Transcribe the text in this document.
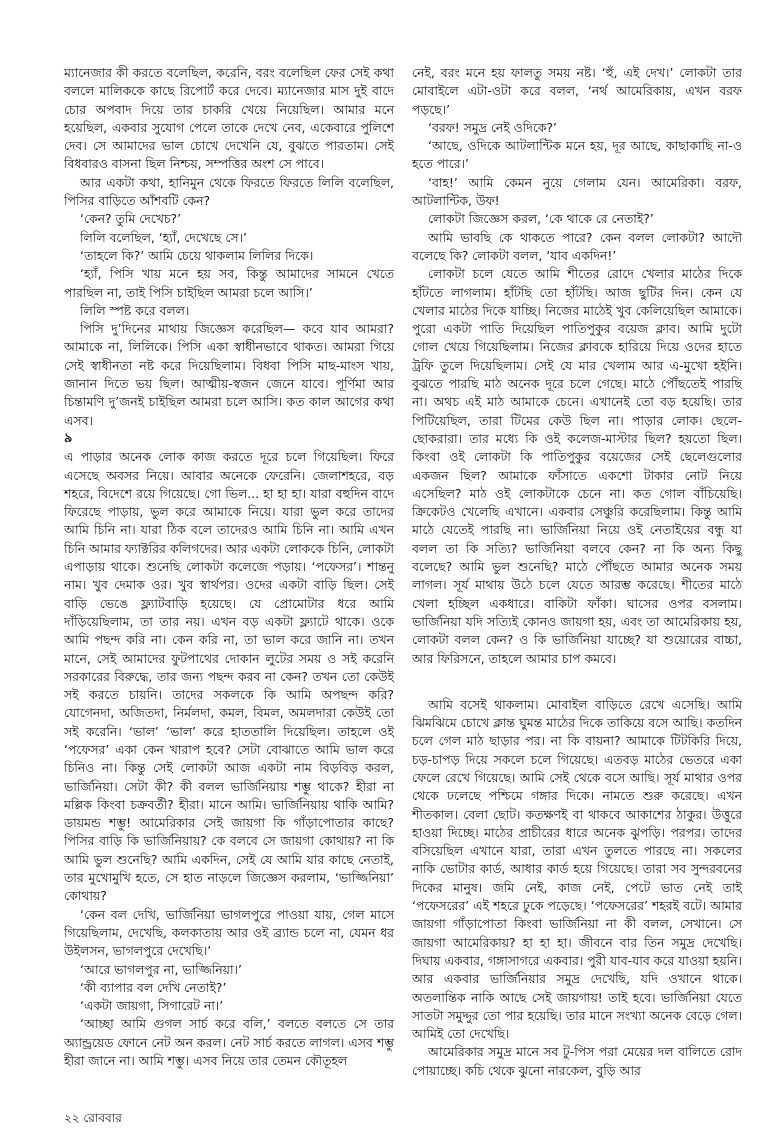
ম্যানেজার কী করতে বলেছিল, করেনি, বরং বলেছিল ফের সেই কথা বললে মালিককে কাছে রিপোর্ট করে দেবে। ম্যানেজার মাস দুই বাদে চোর অপবাদ দিয়ে তার চাকরি খেয়ে নিয়েছিল। আমার মনে হয়েছিল, একবার সুযোগ পেলে তাকে দেখে নেব, একেবারে পুলিশে দেব। সে আমাদের ভাল চোখে দেখেনি যে, বুঝতে পারতাম। সেই বিধবারও বাসনা ছিল নিশ্চয়, সম্পত্তির অংশ সে পাবে।

আর একটা কথা, হানিমুন থেকে ফিরতে ফিরতে লিলি বলেছিল, পিসির বাড়িতে আঁশবটি কেন?

‘কেন? তুমি দেখেচ?’

লিলি বলেছিল, ‘হ্যাঁ, দেখেছে সে।’

‘তাহলে কি?’ আমি চেয়ে থাকলাম লিলির দিকে।

‘হ্যাঁ, পিসি খায় মনে হয় সব, কিন্তু আমাদের সামনে খেতে পারছিল না, তাই পিসি চাইছিল আমরা চলে আসি।’

লিলি স্পষ্ট করে বলল।

পিসি দু’দিনের মাথায় জিজ্ঞেস করেছিল— কবে যাব আমরা? আমাকে না, লিলিকে। পিসি একা স্বাধীনভাবে থাকত। আমরা গিয়ে সেই স্বাধীনতা নষ্ট করে দিয়েছিলাম। বিধবা পিসি মাছ-মাংস খায়, জানান দিতে ভয় ছিল। আত্মীয়-স্বজন জেনে যাবে। পূর্ণিমা আর চিন্তামণি দু’জনই চাইছিল আমরা চলে আসি। কত কাল আগের কথা এসব।

৯

এ পাড়ার অনেক লোক কাজ করতে দূরে চলে গিয়েছিল। ফিরে এসেছে অবসর নিয়ে। আবার অনেকে ফেরেনি। জেলাশহরে, বড় শহরে, বিদেশে রয়ে গিয়েছে। গো ভিল... হা হা হা। যারা বহুদিন বাদে ফিরেছে পাড়ায়, ভুল করে আমাকে নিয়ে। যারা ভুল করে তাদের আমি চিনি না। যারা ঠিক বলে তাদেরও আমি চিনি না। আমি এখন চিনি আমার ফ্যাক্টরির কলিগদের। আর একটা লোককে চিনি, লোকটা এপাড়ায় থাকে। শুনেছি লোকটা কলেজে পড়ায়। ‘পফেসর’। শান্তনু নাম। খুব দেমাক ওর। খুব স্বার্থপর। ওদের একটা বাড়ি ছিল। সেই বাড়ি ভেঙে ফ্ল্যাটবাড়ি হয়েছে। যে প্রোমোটার ধরে আমি দাঁড়িয়েছিলাম, তা তার নয়। এখন বড় একটা ফ্ল্যাটে থাকে। ওকে আমি পছন্দ করি না। কেন করি না, তা ভাল করে জানি না। তখন মানে, সেই আমাদের ফুটপাথের দোকান লুটের সময় ও সই করেনি সরকারের বিরুদ্ধে, তার জন্য পছন্দ করব না কেন? তখন তো কেউই সই করতে চায়নি। তাদের সকলকে কি আমি অপছন্দ করি? যোগেনদা, অজিতদা, নির্মলদা, কমল, বিমল, অমলদারা কেউই তো সই করেনি। ‘ভাল’ ‘ভাল’ করে হাততালি দিয়েছিল। তাহলে ওই ‘পফেসর’ একা কেন খারাপ হবে? সেটা বোঝাতে আমি ভাল করে চিনিও না। কিন্তু সেই লোকটা আজ একটা নাম বিড়বিড় করল, ভার্জিনিয়া। সেটা কী? কী বলল ভার্জিনিয়ায় শম্ভু থাকে? হীরা না মল্লিক কিংবা চক্রবর্তী? হীরা। মানে আমি। ভার্জিনিয়ায় থাকি আমি? ডায়মন্ড শম্ভু! আমেরিকার সেই জায়গা কি গাঁড়াপোতার কাছে? পিসির বাড়ি কি ভার্জিনিয়ায়? কে বলবে সে জায়গা কোথায়? না কি আমি ভুল শুনেছি? আমি একদিন, সেই যে আমি যার কাছে নেতাই, তার মুখোমুখি হতে, সে হাত নাড়লে জিজ্ঞেস করলাম, ‘ভাজ্জিনিয়া’ কোথায়?

‘কেন বল দেখি, ভার্জিনিয়া ভাগলপুরে পাওয়া যায়, গেল মাসে গিয়েছিলাম, দেখেছি, কলকাতায় আর ওই ব্র্যান্ড চলে না, যেমন ধর উইলসন, ভাগলপুরে দেখেছি।’

‘আরে ভাগলপুর না, ভাজ্জিনিয়া।’

‘কী ব্যাপার বল দেখি নেতাই?’

‘একটা জায়গা, সিগারেট না।’

‘আচ্ছা আমি গুগল সার্চ করে বলি,’ বলতে বলতে সে তার অ্যান্ড্রয়েড ফোনে নেট অন করল। নেট সার্চ করতে লাগল। এসব শম্ভু হীরা জানে না। আমি শম্ভু। এসব নিয়ে তার তেমন কৌতূহল

নেই, বরং মনে হয় ফালতু সময় নষ্ট। ‘হুঁ, এই দেখ।’ লোকটা তার মোবাইলে এটা-ওটা করে বলল, ‘নর্থ আমেরিকায়, এখন বরফ পড়ছে।’

‘বরফ! সমুদ্র নেই ওদিকে?’

‘আছে, ওদিকে আটলান্টিক মনে হয়, দূর আছে, কাছাকাছি না-ও হতে পারে।’

‘বাহ!’ আমি কেমন নুয়ে গেলাম যেন। আমেরিকা। বরফ, আটলান্টিক, উফ!

লোকটা জিজ্ঞেস করল, ‘কে থাকে রে নেতাই?’

আমি ভাবছি কে থাকতে পারে? কেন বলল লোকটা? আদৌ বলেছে কি? লোকটা বলল, ‘যাব একদিন!’

লোকটা চলে যেতে আমি শীতের রোদে খেলার মাঠের দিকে হাঁটতে লাগলাম। হাঁটছি তো হাঁটছি। আজ ছুটির দিন। কেন যে খেলার মাঠের দিকে যাচ্ছি। নিজের মাঠেই খুব কেলিয়েছিল আমাকে। পুরো একটা পাতি দিয়েছিল পাতিপুকুর বয়েজ ক্লাব। আমি দুটো গোল খেয়ে গিয়েছিলাম। নিজের ক্লাবকে হারিয়ে দিয়ে ওদের হাতে ট্রফি তুলে দিয়েছিলাম। সেই যে মার খেলাম আর এ-মুখো হইনি। বুঝতে পারছি মাঠ অনেক দূরে চলে গেছে। মাঠে পৌঁছতেই পারছি না। অথচ এই মাঠ আমাকে চেনে। এখানেই তো বড় হয়েছি। তার পিটিয়েছিল, তারা টিমের কেউ ছিল না। পাড়ার লোক। ছেলে-ছোকরারা। তার মধ্যে কি ওই কলেজ-মাস্টার ছিল? হয়তো ছিল। কিংবা ওই লোকটা কি পাতিপুকুর বয়েজের সেই ছেলেগুলোর একজন ছিল? আমাকে ফাঁসাতে একশো টাকার নোট নিয়ে এসেছিল? মাঠ ওই লোকটাকে চেনে না। কত গোল বাঁচিয়েছি। ক্রিকেটও খেলেছি এখানে। একবার সেঞ্চুরি করেছিলাম। কিন্তু আমি মাঠে যেতেই পারছি না। ভার্জিনিয়া নিয়ে ওই নেতাইয়ের বন্ধু যা বলল তা কি সত্যি? ভার্জিনিয়া বলবে কেন? না কি অন্য কিছু বলেছে? আমি ভুল শুনেছি? মাঠে পৌঁছতে আমার অনেক সময় লাগল। সূর্য মাথায় উঠে চলে যেতে আরম্ভ করেছে। শীতের মাঠে খেলা হচ্ছিল একধারে। বাকিটা ফাঁকা। ঘাসের ওপর বসলাম। ভার্জিনিয়া যদি সত্যিই কোনও জায়গা হয়, এবং তা আমেরিকায় হয়, লোকটা বলল কেন? ও কি ভার্জিনিয়া যাচ্ছে? যা শুয়োরের বাচ্চা, আর ফিরিসনে, তাহলে আমার চাপ কমবে।

আমি বসেই থাকলাম। মোবাইল বাড়িতে রেখে এসেছি। আমি ঝিমঝিমে চোখে ক্লান্ত ঘুমন্ত মাঠের দিকে তাকিয়ে বসে আছি। কতদিন চলে গেল মাঠ ছাড়ার পর। না কি বায়না? আমাকে টিটকিরি দিয়ে, চড়-চাপড় দিয়ে সকলে চলে গিয়েছে। এতবড় মাঠের ভেতরে একা ফেলে রেখে গিয়েছে। আমি সেই থেকে বসে আছি। সূর্য মাথার ওপর থেকে ঢলেছে পশ্চিমে গঙ্গার দিকে। নামতে শুরু করেছে। এখন শীতকাল। বেলা ছোট। কতক্ষণই বা থাকবে আকাশের ঠাকুর। উত্তুরে হাওয়া দিচ্ছে। মাঠের প্রাচীরের ধারে অনেক ঝুপড়ি। পরপর। তাদের বসিয়েছিল এখানে যারা, তারা এখন তুলতে পারছে না। সকলের নাকি ভোটার কার্ড, আধার কার্ড হয়ে গিয়েছে। তারা সব সুন্দরবনের দিকের মানুষ। জমি নেই, কাজ নেই, পেটে ভাত নেই তাই ‘পফেসরের’ এই শহরে ঢুকে পড়েছে। ‘পফেসরের’ শহরই বটে। আমার জায়গা গাঁড়াপোতা কিংবা ভার্জিনিয়া না কী বলল, সেখানে। সে জায়গা আমেরিকায়? হা হা হা। জীবনে বার তিন সমুদ্র দেখেছি। দিঘায় একবার, গঙ্গাসাগরে একবার। পুরী যাব-যাব করে যাওয়া হয়নি। আর একবার ভার্জিনিয়ার সমুদ্র দেখেছি, যদি ওখানে থাকে। অতলান্তিক নাকি আছে সেই জায়গায়! তাই হবে। ভার্জিনিয়া যেতে সাতটা সমুদ্দুর তো পার হয়েছি। তার মানে সংখ্যা অনেক বেড়ে গেল। আমিই তো দেখেছি।

আমেরিকার সমুদ্র মানে সব টু-পিস পরা মেয়ের দল বালিতে রোদ পোয়াচ্ছে। কচি থেকে ঝুনো নারকেল, বুড়ি আর

২২ রোববার
